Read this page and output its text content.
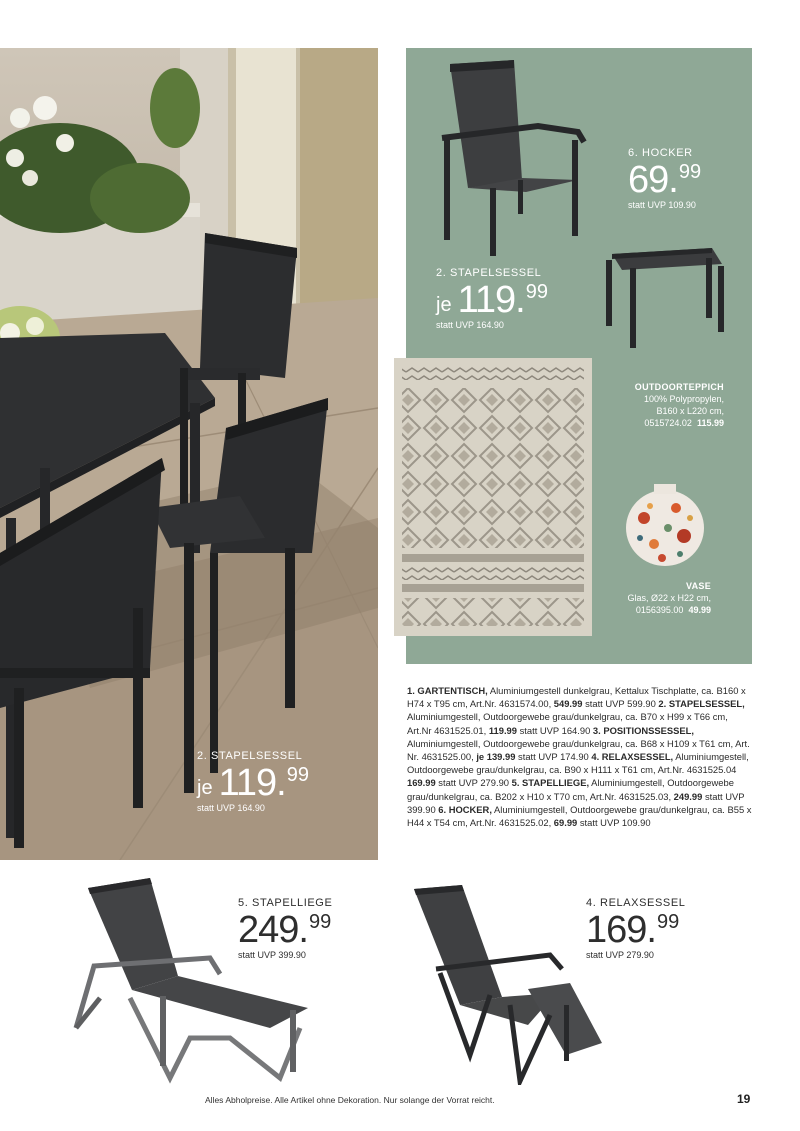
2. STAPELSESSEL
je 119. 99
statt UVP 164.90
6. HOCKER
69. 99
statt UVP 109.90
2. STAPELSESSEL
je 119. 99
statt UVP 164.90
OUTDOORTEPPICH
100% Polypropylen,
B160 x L220 cm,
0515724.02 115.99
VASE
Glas, Ø22 x H22 cm,
0156395.00 49.99
1. GARTENTISCH, Aluminiumgestell dunkelgrau, Kettalux Tischplatte, ca. B160 x H74 x T95 cm, Art.Nr. 4631574.00, 549.99 statt UVP 599.90 2. STAPELSESSEL, Aluminiumgestell, Outdoorgewebe grau/dunkelgrau, ca. B70 x H99 x T66 cm, Art.Nr 4631525.01, 119.99 statt UVP 164.90 3. POSITIONSSESSEL, Aluminiumgestell, Outdoorgewebe grau/dunkelgrau, ca. B68 x H109 x T61 cm, Art. Nr. 4631525.00, je 139.99 statt UVP 174.90 4. RELAXSESSEL, Aluminiumgestell, Outdoorgewebe grau/dunkelgrau, ca. B90 x H111 x T61 cm, Art.Nr. 4631525.04 169.99 statt UVP 279.90 5. STAPELLIEGE, Aluminiumgestell, Outdoorgewebe grau/dunkelgrau, ca. B202 x H10 x T70 cm, Art.Nr. 4631525.03, 249.99 statt UVP 399.90 6. HOCKER, Aluminiumgestell, Outdoorgewebe grau/dunkelgrau, ca. B55 x H44 x T54 cm, Art.Nr. 4631525.02, 69.99 statt UVP 109.90
5. STAPELLIEGE
249. 99
statt UVP 399.90
4. RELAXSESSEL
169. 99
statt UVP 279.90
Alles Abholpreise. Alle Artikel ohne Dekoration. Nur solange der Vorrat reicht.	19
